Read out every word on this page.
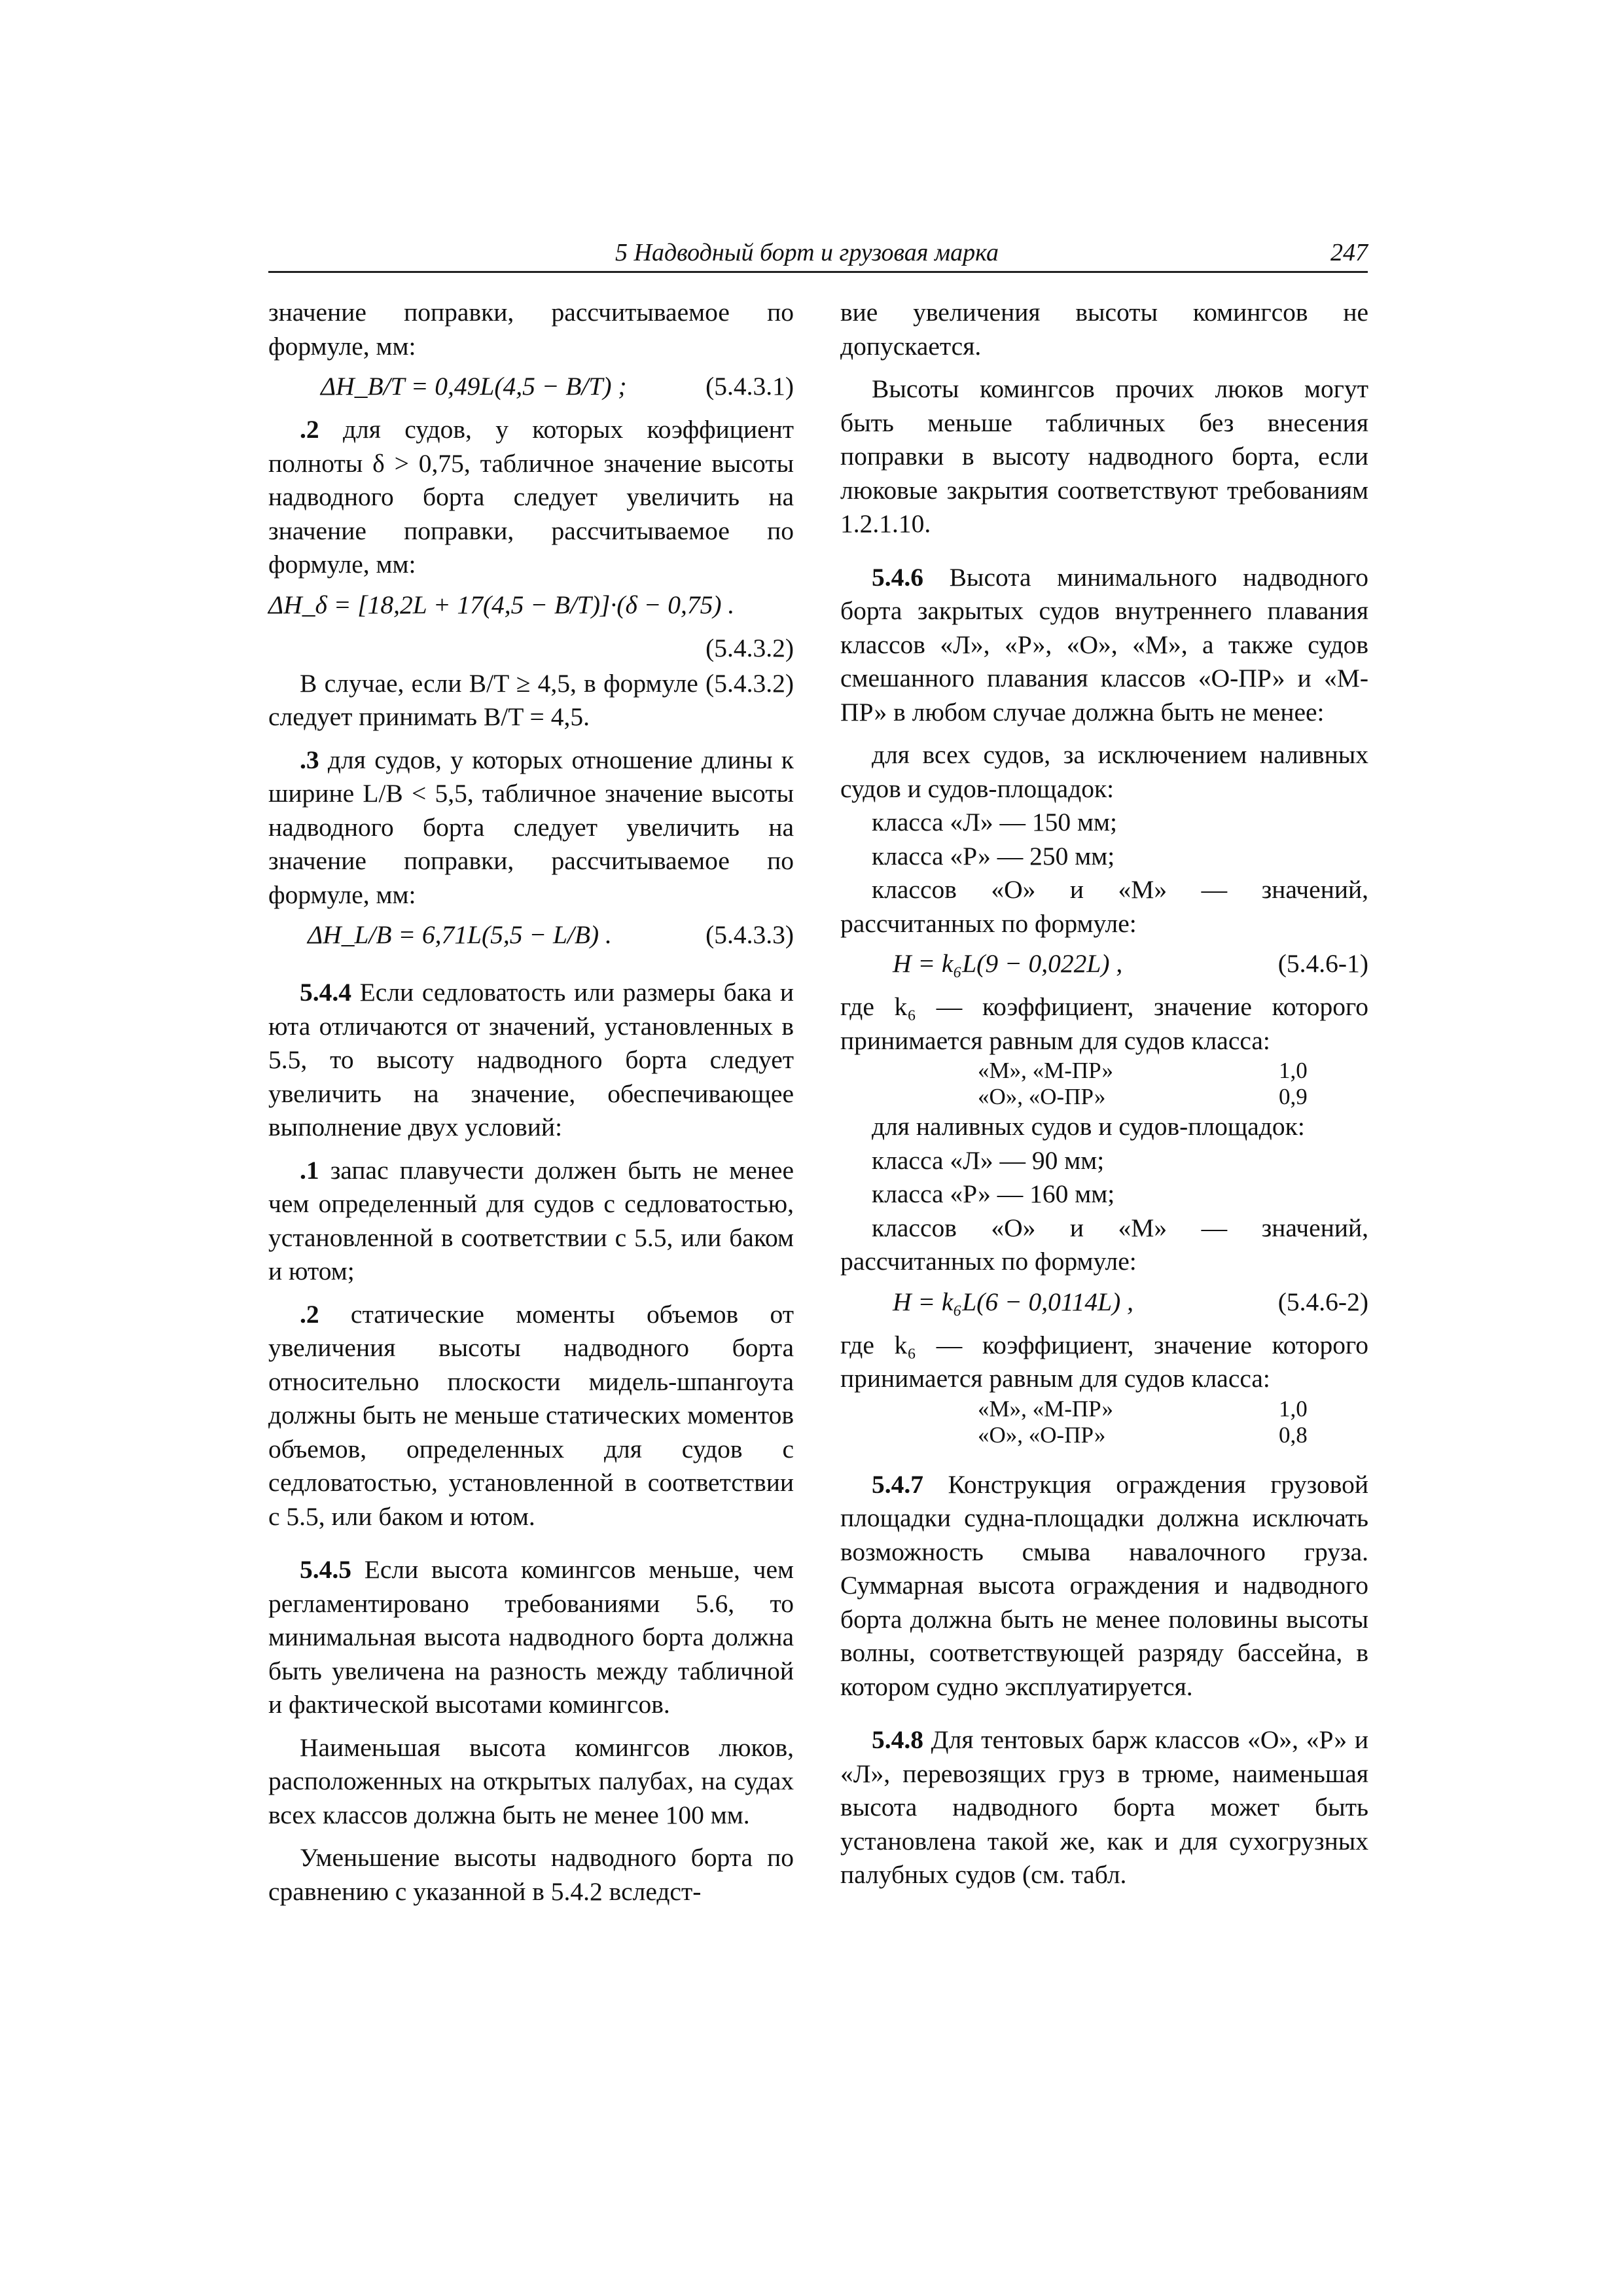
5 Надводный борт и грузовая марка	247

значение поправки, рассчитываемое по формуле, мм:

ΔH_B/T = 0,49L(4,5 − B/T) ;	(5.4.3.1)

.2 для судов, у которых коэффициент полноты δ > 0,75, табличное значение высоты надводного борта следует увеличить на значение поправки, рассчитываемое по формуле, мм:

ΔH_δ = [18,2L + 17(4,5 − B/T)]·(δ − 0,75) .
(5.4.3.2)

В случае, если B/T ≥ 4,5, в формуле (5.4.3.2) следует принимать B/T = 4,5.

.3 для судов, у которых отношение длины к ширине L/B < 5,5, табличное значение высоты надводного борта следует увеличить на значение поправки, рассчитываемое по формуле, мм:

ΔH_L/B = 6,71L(5,5 − L/B) .	(5.4.3.3)

5.4.4 Если седловатость или размеры бака и юта отличаются от значений, установленных в 5.5, то высоту надводного борта следует увеличить на значение, обеспечивающее выполнение двух условий:

.1 запас плавучести должен быть не менее чем определенный для судов с седловатостью, установленной в соответствии с 5.5, или баком и ютом;

.2 статические моменты объемов от увеличения высоты надводного борта относительно плоскости мидель-шпангоута должны быть не меньше статических моментов объемов, определенных для судов с седловатостью, установленной в соответствии с 5.5, или баком и ютом.

5.4.5 Если высота комингсов меньше, чем регламентировано требованиями 5.6, то минимальная высота надводного борта должна быть увеличена на разность между табличной и фактической высотами комингсов.

Наименьшая высота комингсов люков, расположенных на открытых палубах, на судах всех классов должна быть не менее 100 мм.

Уменьшение высоты надводного борта по сравнению с указанной в 5.4.2 вследст-

вие увеличения высоты комингсов не допускается.

Высоты комингсов прочих люков могут быть меньше табличных без внесения поправки в высоту надводного борта, если люковые закрытия соответствуют требованиям 1.2.1.10.

5.4.6 Высота минимального надводного борта закрытых судов внутреннего плавания классов «Л», «Р», «О», «М», а также судов смешанного плавания классов «О-ПР» и «М-ПР» в любом случае должна быть не менее:

для всех судов, за исключением наливных судов и судов-площадок:

класса «Л» — 150 мм;
класса «Р» — 250 мм;

классов «О» и «М» — значений, рассчитанных по формуле:

H = k₆L(9 − 0,022L) ,	(5.4.6-1)

где k₆ — коэффициент, значение которого принимается равным для судов класса:

«М», «М-ПР»	1,0
«О», «О-ПР»	0,9

для наливных судов и судов-площадок:

класса «Л» — 90 мм;
класса «Р» — 160 мм;

классов «О» и «М» — значений, рассчитанных по формуле:

H = k₆L(6 − 0,0114L) ,	(5.4.6-2)

где k₆ — коэффициент, значение которого принимается равным для судов класса:

«М», «М-ПР»	1,0
«О», «О-ПР»	0,8

5.4.7 Конструкция ограждения грузовой площадки судна-площадки должна исключать возможность смыва навалочного груза. Суммарная высота ограждения и надводного борта должна быть не менее половины высоты волны, соответствующей разряду бассейна, в котором судно эксплуатируется.

5.4.8 Для тентовых барж классов «О», «Р» и «Л», перевозящих груз в трюме, наименьшая высота надводного борта может быть установлена такой же, как и для сухогрузных палубных судов (см. табл.
